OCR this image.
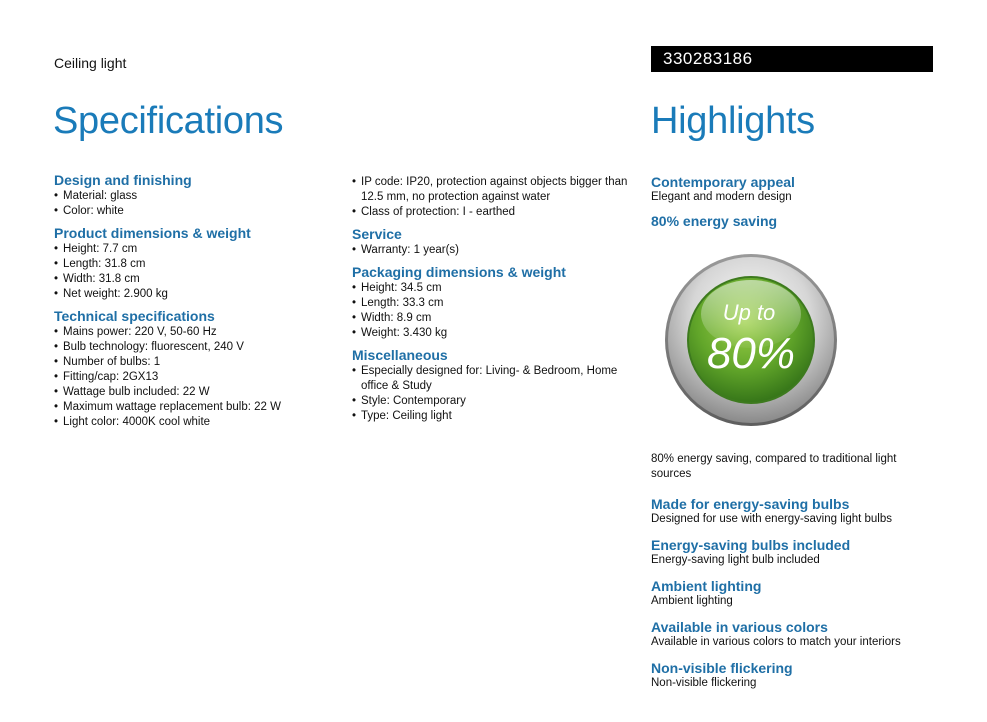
Ceiling light	330283186
Specifications	Highlights
Design and finishing
• Material: glass
• Color: white
Product dimensions & weight
• Height: 7.7 cm
• Length: 31.8 cm
• Width: 31.8 cm
• Net weight: 2.900 kg
Technical specifications
• Mains power: 220 V, 50-60 Hz
• Bulb technology: fluorescent, 240 V
• Number of bulbs: 1
• Fitting/cap: 2GX13
• Wattage bulb included: 22 W
• Maximum wattage replacement bulb: 22 W
• Light color: 4000K cool white
• IP code: IP20, protection against objects bigger than 12.5 mm, no protection against water
• Class of protection: I - earthed
Service
• Warranty: 1 year(s)
Packaging dimensions & weight
• Height: 34.5 cm
• Length: 33.3 cm
• Width: 8.9 cm
• Weight: 3.430 kg
Miscellaneous
• Especially designed for: Living- & Bedroom, Home office & Study
• Style: Contemporary
• Type: Ceiling light
Contemporary appeal
Elegant and modern design
80% energy saving
Up to
80%
80% energy saving, compared to traditional light sources
Made for energy-saving bulbs
Designed for use with energy-saving light bulbs
Energy-saving bulbs included
Energy-saving light bulb included
Ambient lighting
Ambient lighting
Available in various colors
Available in various colors to match your interiors
Non-visible flickering
Non-visible flickering
